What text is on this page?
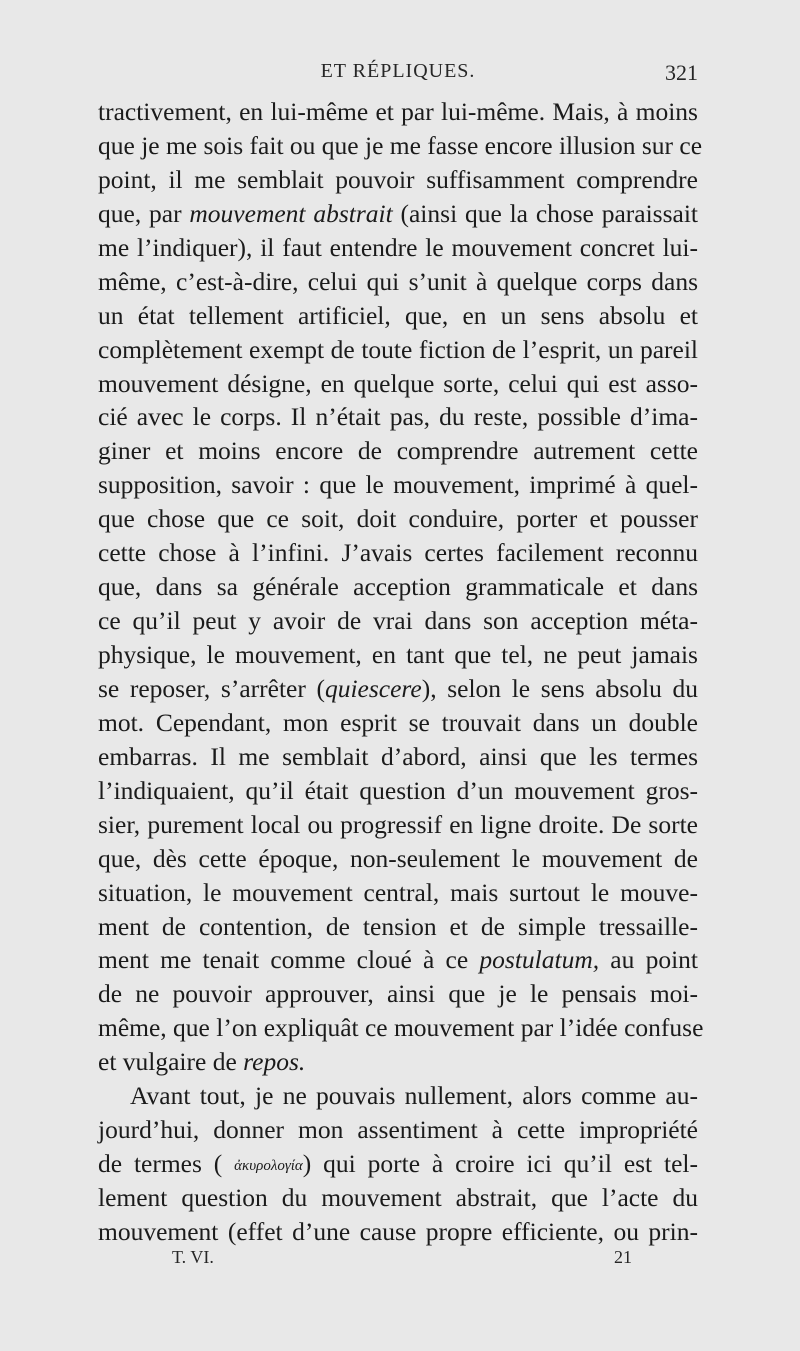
ET RÉPLIQUES.	321
tractivement, en lui-même et par lui-même. Mais, à moins
que je me sois fait ou que je me fasse encore illusion sur ce
point, il me semblait pouvoir suffisamment comprendre
que, par mouvement abstrait (ainsi que la chose paraissait
me l’indiquer), il faut entendre le mouvement concret lui-
même, c’est-à-dire, celui qui s’unit à quelque corps dans
un état tellement artificiel, que, en un sens absolu et
complètement exempt de toute fiction de l’esprit, un pareil
mouvement désigne, en quelque sorte, celui qui est asso-
cié avec le corps. Il n’était pas, du reste, possible d’ima-
giner et moins encore de comprendre autrement cette
supposition, savoir : que le mouvement, imprimé à quel-
que chose que ce soit, doit conduire, porter et pousser
cette chose à l’infini. J’avais certes facilement reconnu
que, dans sa générale acception grammaticale et dans
ce qu’il peut y avoir de vrai dans son acception méta-
physique, le mouvement, en tant que tel, ne peut jamais
se reposer, s’arrêter (quiescere), selon le sens absolu du
mot. Cependant, mon esprit se trouvait dans un double
embarras. Il me semblait d’abord, ainsi que les termes
l’indiquaient, qu’il était question d’un mouvement gros-
sier, purement local ou progressif en ligne droite. De sorte
que, dès cette époque, non-seulement le mouvement de
situation, le mouvement central, mais surtout le mouve-
ment de contention, de tension et de simple tressaille-
ment me tenait comme cloué à ce postulatum, au point
de ne pouvoir approuver, ainsi que je le pensais moi-
même, que l’on expliquât ce mouvement par l’idée confuse
et vulgaire de repos.
Avant tout, je ne pouvais nullement, alors comme au-
jourd’hui, donner mon assentiment à cette impropriété
de termes ( ἀκυρολογία) qui porte à croire ici qu’il est tel-
lement question du mouvement abstrait, que l’acte du
mouvement (effet d’une cause propre efficiente, ou prin-
T. VI.	21
